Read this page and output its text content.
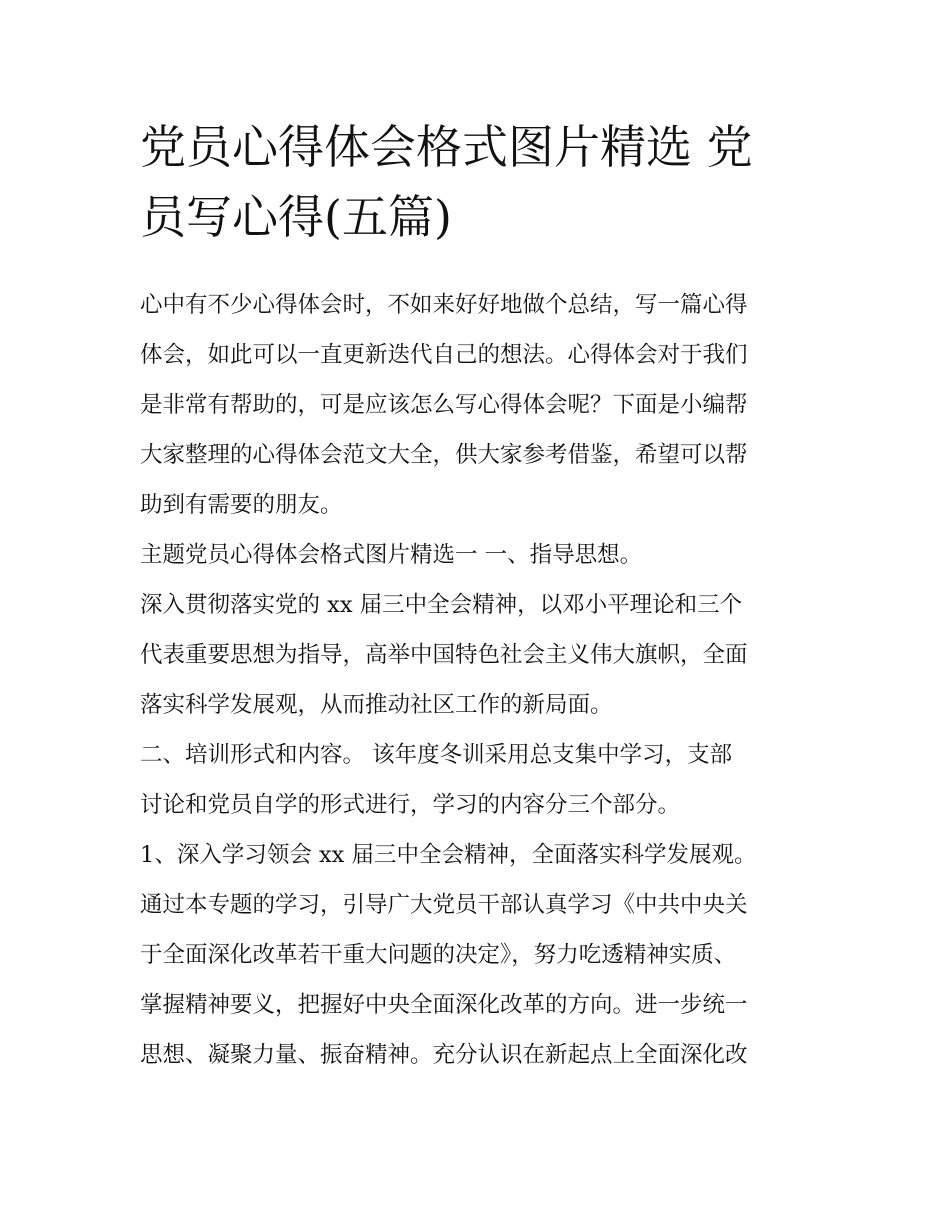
党员心得体会格式图片精选 党
员写心得(五篇)

心中有不少心得体会时，不如来好好地做个总结，写一篇心得
体会，如此可以一直更新迭代自己的想法。心得体会对于我们
是非常有帮助的，可是应该怎么写心得体会呢？下面是小编帮
大家整理的心得体会范文大全，供大家参考借鉴，希望可以帮
助到有需要的朋友。

主题党员心得体会格式图片精选一 一、指导思想。

深入贯彻落实党的 xx 届三中全会精神，以邓小平理论和三个
代表重要思想为指导，高举中国特色社会主义伟大旗帜，全面
落实科学发展观，从而推动社区工作的新局面。

二、培训形式和内容。 该年度冬训采用总支集中学习，支部
讨论和党员自学的形式进行，学习的内容分三个部分。

1、深入学习领会 xx 届三中全会精神，全面落实科学发展观。

通过本专题的学习，引导广大党员干部认真学习《中共中央关
于全面深化改革若干重大问题的决定》，努力吃透精神实质、
掌握精神要义，把握好中央全面深化改革的方向。进一步统一
思想、凝聚力量、振奋精神。充分认识在新起点上全面深化改
